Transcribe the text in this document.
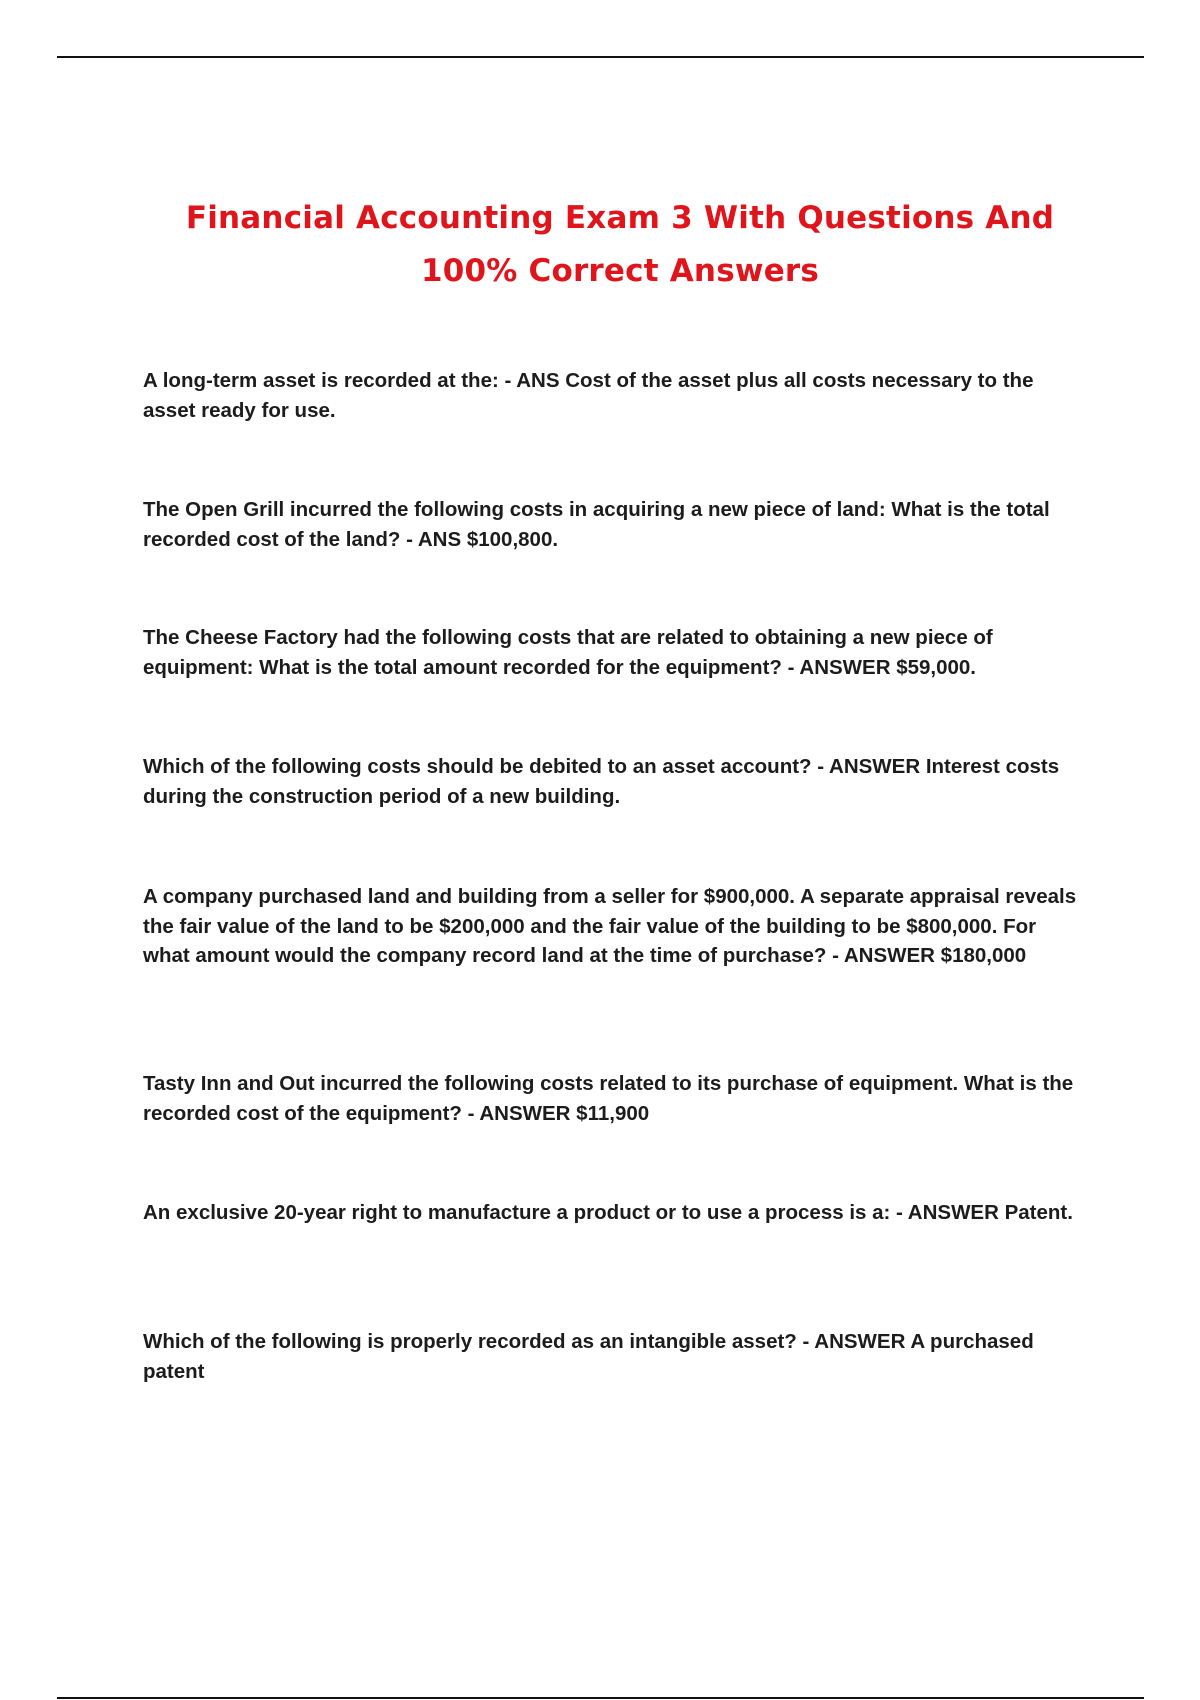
Financial Accounting Exam 3 With Questions And 100% Correct Answers

A long-term asset is recorded at the: - ANS Cost of the asset plus all costs necessary to the asset ready for use.

The Open Grill incurred the following costs in acquiring a new piece of land: What is the total recorded cost of the land? - ANS $100,800.

The Cheese Factory had the following costs that are related to obtaining a new piece of equipment: What is the total amount recorded for the equipment? - ANSWER $59,000.

Which of the following costs should be debited to an asset account? - ANSWER Interest costs during the construction period of a new building.

A company purchased land and building from a seller for $900,000. A separate appraisal reveals the fair value of the land to be $200,000 and the fair value of the building to be $800,000. For what amount would the company record land at the time of purchase? - ANSWER $180,000

Tasty Inn and Out incurred the following costs related to its purchase of equipment. What is the recorded cost of the equipment? - ANSWER $11,900

An exclusive 20-year right to manufacture a product or to use a process is a: - ANSWER Patent.

Which of the following is properly recorded as an intangible asset? - ANSWER A purchased patent
